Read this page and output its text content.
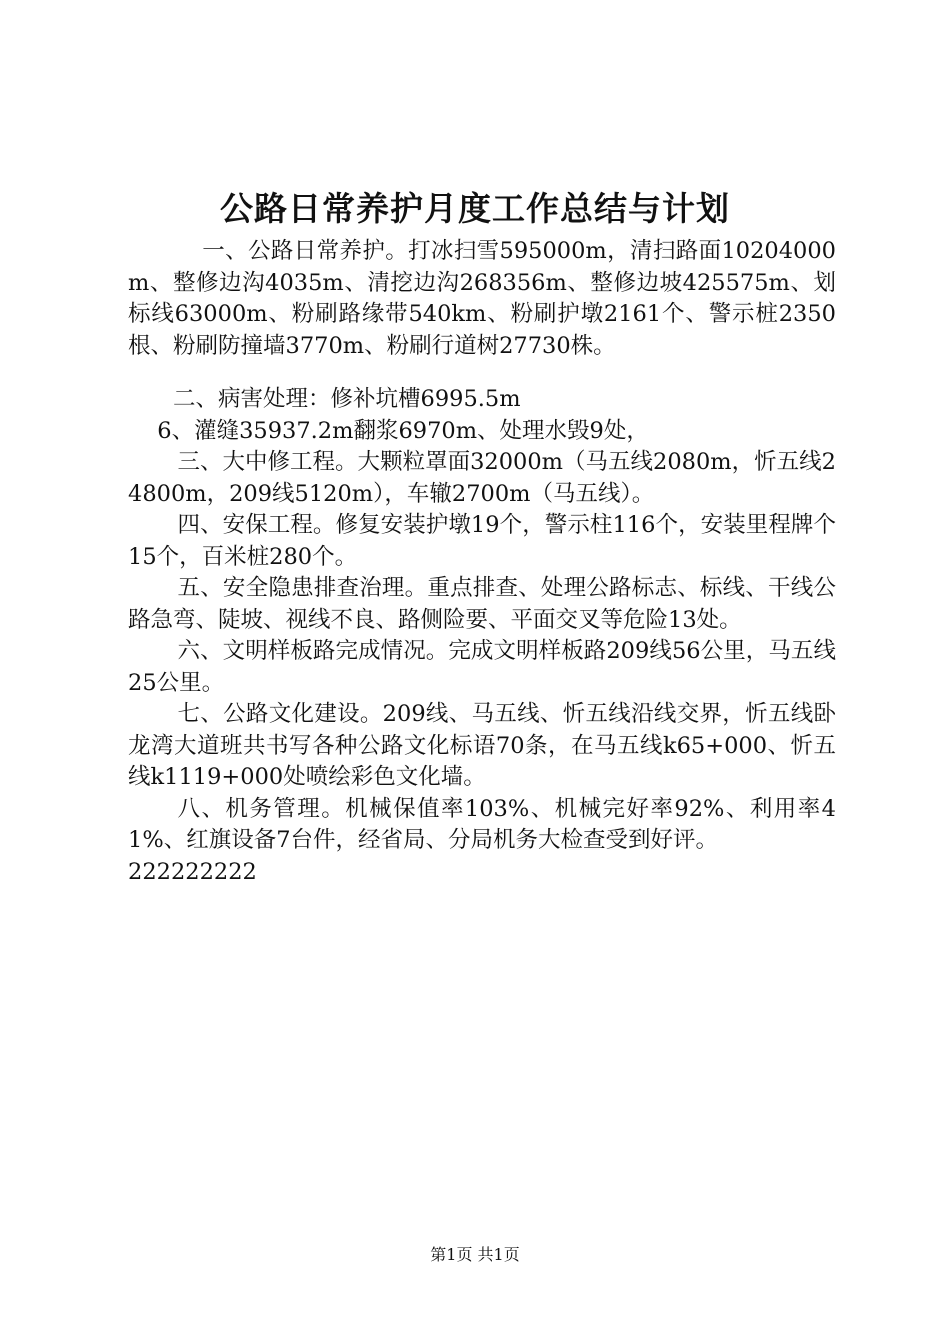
公路日常养护月度工作总结与计划

一、公路日常养护。打冰扫雪595000m，清扫路面10204000m、整修边沟4035m、清挖边沟268356m、整修边坡425575m、划标线63000m、粉刷路缘带540km、粉刷护墩2161个、警示桩2350根、粉刷防撞墙3770m、粉刷行道树27730株。

二、病害处理：修补坑槽6995.5m

6、灌缝35937.2m翻浆6970m、处理水毁9处，

三、大中修工程。大颗粒罩面32000m（马五线2080m，忻五线24800m，209线5120m），车辙2700m（马五线）。

四、安保工程。修复安装护墩19个，警示柱116个，安装里程牌个15个，百米桩280个。

五、安全隐患排查治理。重点排查、处理公路标志、标线、干线公路急弯、陡坡、视线不良、路侧险要、平面交叉等危险13处。

六、文明样板路完成情况。完成文明样板路209线56公里，马五线25公里。

七、公路文化建设。209线、马五线、忻五线沿线交界，忻五线卧龙湾大道班共书写各种公路文化标语70条，在马五线k65+000、忻五线k1119+000处喷绘彩色文化墙。

八、机务管理。机械保值率103%、机械完好率92%、利用率41%、红旗设备7台件，经省局、分局机务大检查受到好评。
222222222

第1页 共1页
